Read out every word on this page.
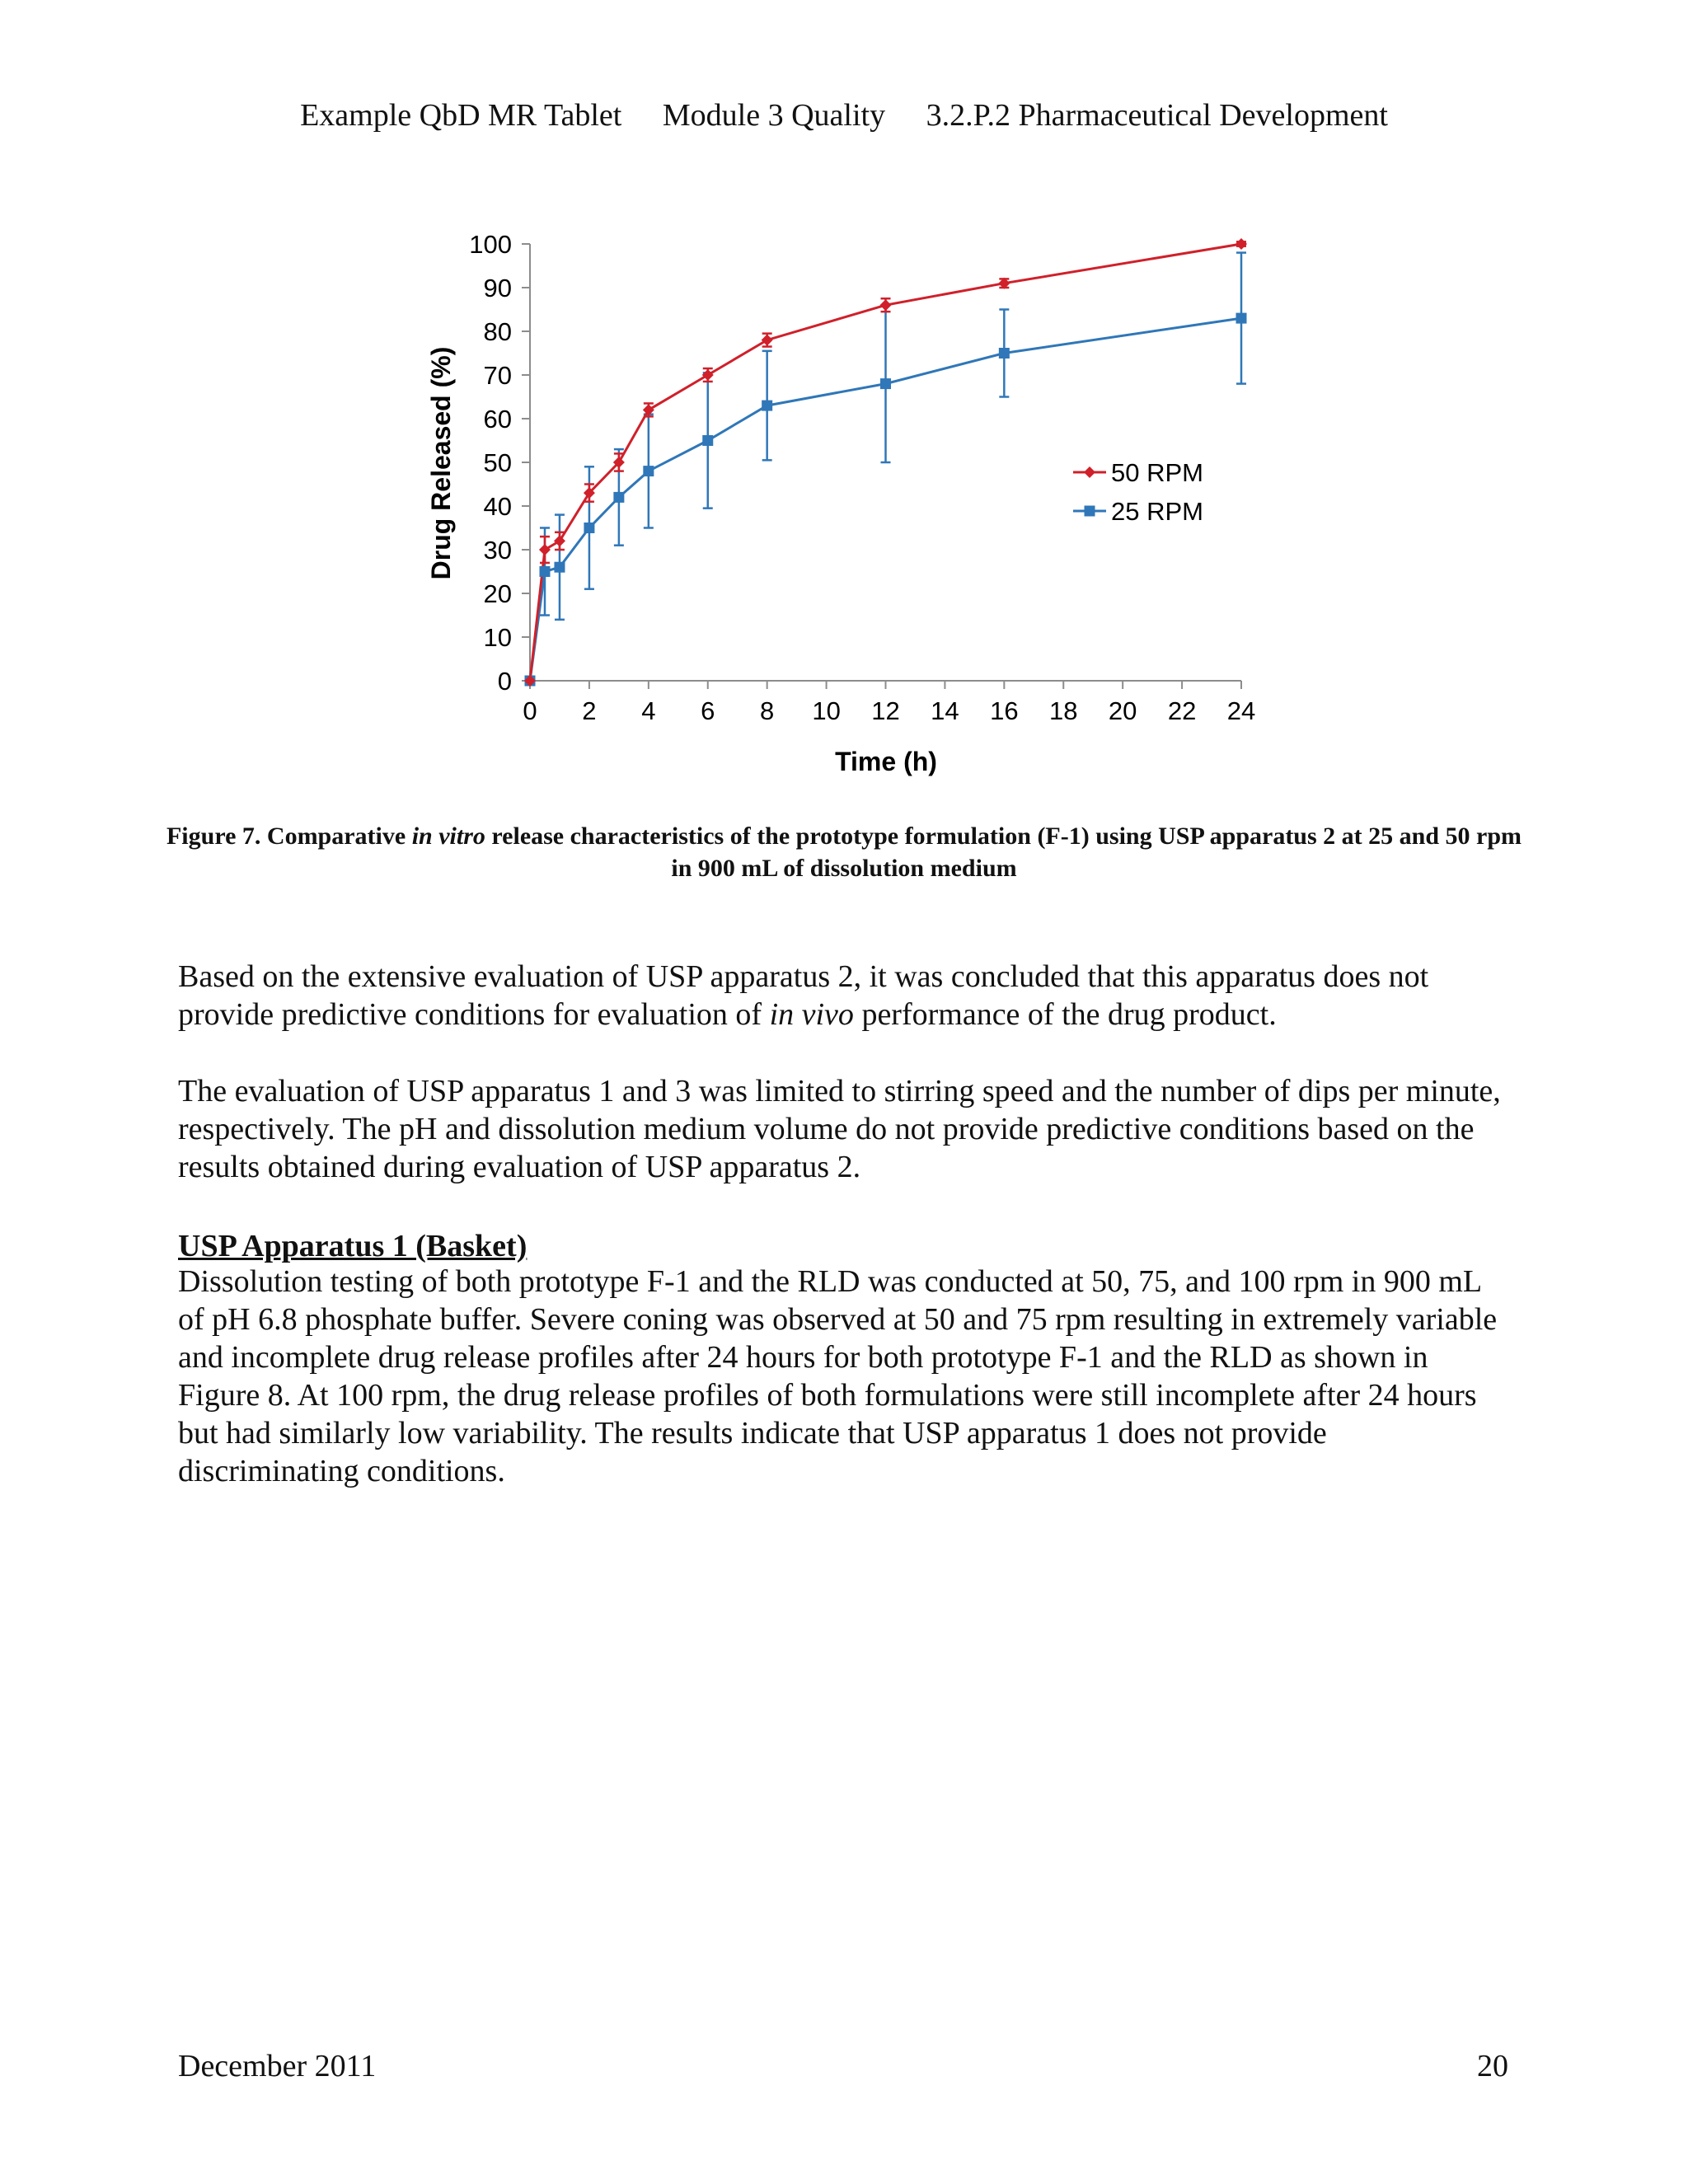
Example QbD MR Tablet Module 3 Quality 3.2.P.2 Pharmaceutical Development
0
10
20
30
40
50
60
70
80
90
100
0 2 4 6 8 10 12 14 16 18 20 22 24
50 RPM
25 RPM
Time (h)
Drug Released (%)
Figure 7. Comparative in vitro release characteristics of the prototype formulation (F-1) using USP apparatus 2 at 25 and 50 rpm in 900 mL of dissolution medium

Based on the extensive evaluation of USP apparatus 2, it was concluded that this apparatus does not provide predictive conditions for evaluation of in vivo performance of the drug product.

The evaluation of USP apparatus 1 and 3 was limited to stirring speed and the number of dips per minute, respectively. The pH and dissolution medium volume do not provide predictive conditions based on the results obtained during evaluation of USP apparatus 2.

USP Apparatus 1 (Basket)

Dissolution testing of both prototype F-1 and the RLD was conducted at 50, 75, and 100 rpm in 900 mL of pH 6.8 phosphate buffer. Severe coning was observed at 50 and 75 rpm resulting in extremely variable and incomplete drug release profiles after 24 hours for both prototype F-1 and the RLD as shown in Figure 8. At 100 rpm, the drug release profiles of both formulations were still incomplete after 24 hours but had similarly low variability. The results indicate that USP apparatus 1 does not provide discriminating conditions.

December 2011	20
